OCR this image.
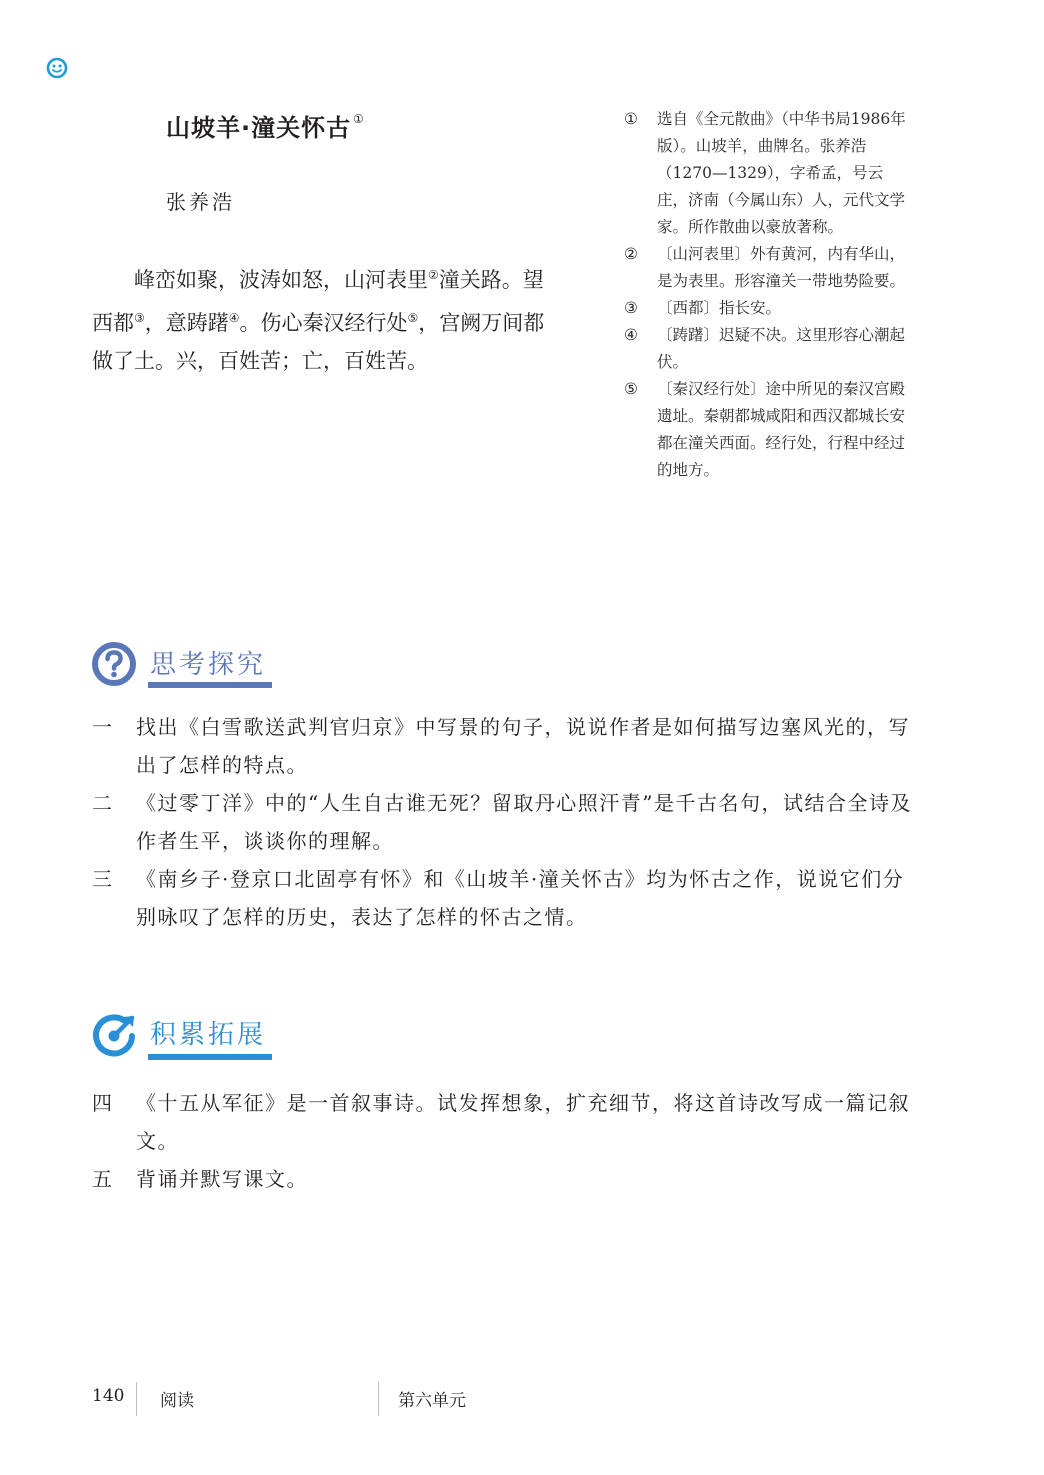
山坡羊·潼关怀古 ①
张养浩

峰峦如聚，波涛如怒，山河表里②潼关路。望西都③，意踌躇④。伤心秦汉经行处⑤，宫阙万间都做了土。兴，百姓苦；亡，百姓苦。

① 选自《全元散曲》（中华书局1986年版）。山坡羊，曲牌名。张养浩（1270—1329），字希孟，号云庄，济南（今属山东）人，元代文学家。所作散曲以豪放著称。
② 〔山河表里〕外有黄河，内有华山，是为表里。形容潼关一带地势险要。
③ 〔西都〕指长安。
④ 〔踌躇〕迟疑不决。这里形容心潮起伏。
⑤ 〔秦汉经行处〕途中所见的秦汉宫殿遗址。秦朝都城咸阳和西汉都城长安都在潼关西面。经行处，行程中经过的地方。
思考探究
一 找出《白雪歌送武判官归京》中写景的句子，说说作者是如何描写边塞风光的，写出了怎样的特点。
二 《过零丁洋》中的“人生自古谁无死？留取丹心照汗青”是千古名句，试结合全诗及作者生平，谈谈你的理解。
三 《南乡子·登京口北固亭有怀》和《山坡羊·潼关怀古》均为怀古之作，说说它们分别咏叹了怎样的历史，表达了怎样的怀古之情。
积累拓展
四 《十五从军征》是一首叙事诗。试发挥想象，扩充细节，将这首诗改写成一篇记叙文。
五 背诵并默写课文。
140 阅读	第六单元
